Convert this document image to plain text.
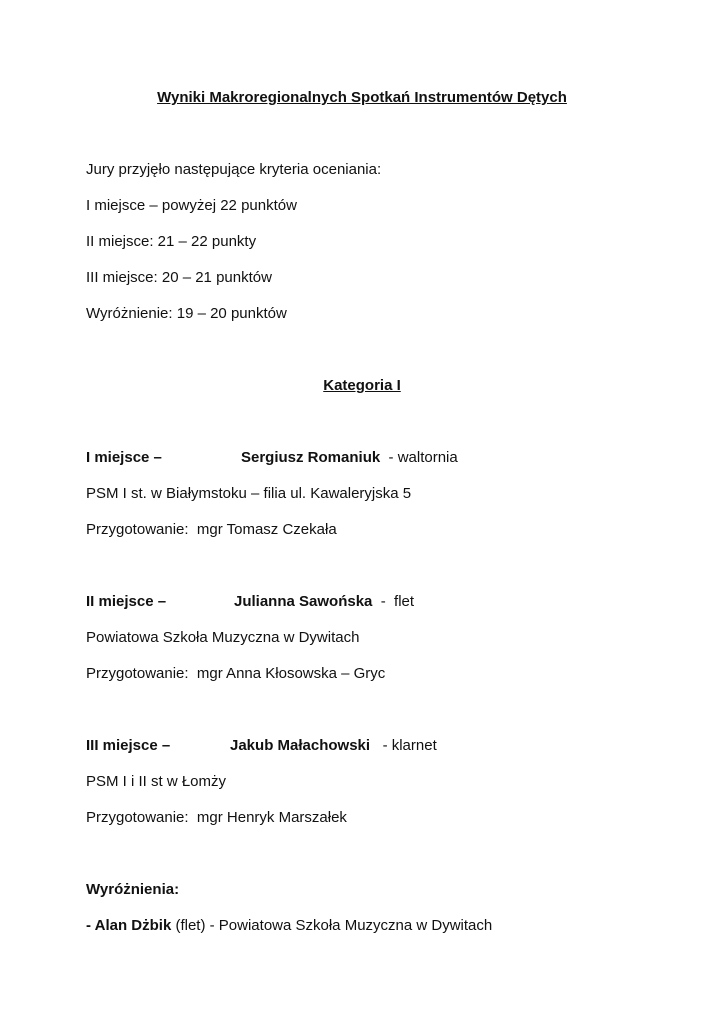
Wyniki Makroregionalnych Spotkań Instrumentów Dętych
Jury przyjęło następujące kryteria oceniania:
I miejsce – powyżej 22 punktów
II miejsce: 21 – 22 punkty
III miejsce: 20 – 21 punktów
Wyróżnienie: 19 – 20 punktów
Kategoria I
I miejsce –	Sergiusz Romaniuk  - waltornia
PSM I st. w Białymstoku – filia ul. Kawaleryjska 5
Przygotowanie:  mgr Tomasz Czekała
II miejsce –	Julianna Sawońska  -  flet
Powiatowa Szkoła Muzyczna w Dywitach
Przygotowanie:  mgr Anna Kłosowska – Gryc
III miejsce –	Jakub Małachowski   - klarnet
PSM I i II st w Łomży
Przygotowanie:  mgr Henryk Marszałek
Wyróżnienia:
- Alan Dżbik (flet) - Powiatowa Szkoła Muzyczna w Dywitach
